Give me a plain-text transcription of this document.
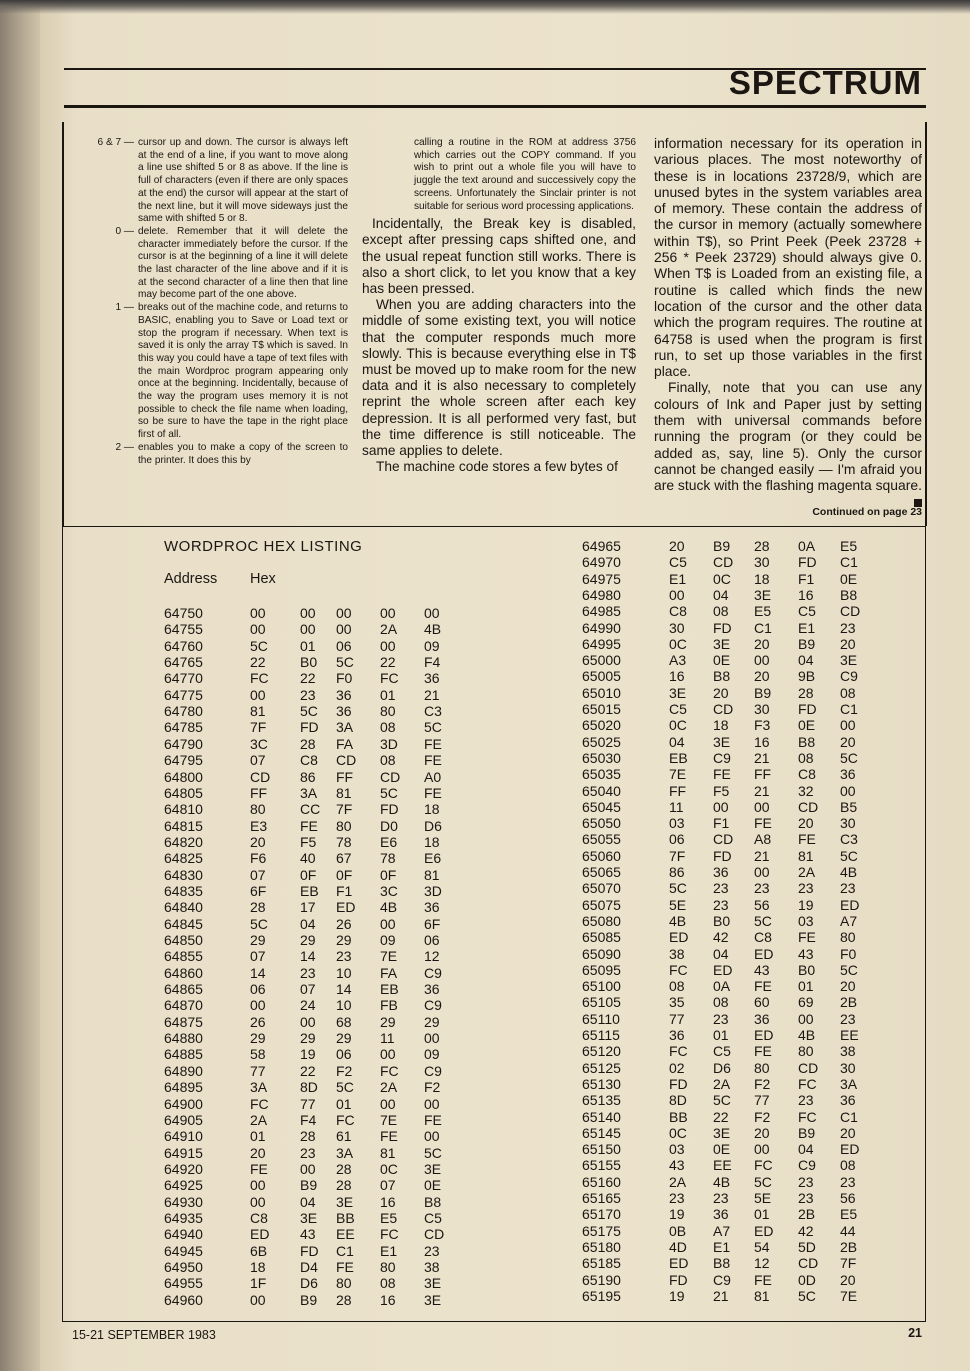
SPECTRUM
6 & 7 — cursor up and down. The cursor is always left at the end of a line, if you want to move along a line use shifted 5 or 8 as above. If the line is full of characters (even if there are only spaces at the end) the cursor will appear at the start of the next line, but it will move sideways just the same with shifted 5 or 8.
0 — delete. Remember that it will delete the character immediately before the cursor. If the cursor is at the beginning of a line it will delete the last character of the line above and if it is at the second character of a line then that line may become part of the one above.
1 — breaks out of the machine code, and returns to BASIC, enabling you to Save or Load text or stop the program if necessary. When text is saved it is only the array T$ which is saved. In this way you could have a tape of text files with the main Wordproc program appearing only once at the beginning. Incidentally, because of the way the program uses memory it is not possible to check the file name when loading, so be sure to have the tape in the right place first of all.
2 — enables you to make a copy of the screen to the printer. It does this by
calling a routine in the ROM at address 3756 which carries out the COPY command. If you wish to print out a whole file you will have to juggle the text around and successively copy the screens. Unfortunately the Sinclair printer is not suitable for serious word processing applications.
Incidentally, the Break key is disabled, except after pressing caps shifted one, and the usual repeat function still works. There is also a short click, to let you know that a key has been pressed.
When you are adding characters into the middle of some existing text, you will notice that the computer responds much more slowly. This is because everything else in T$ must be moved up to make room for the new data and it is also necessary to completely reprint the whole screen after each key depression. It is all performed very fast, but the time difference is still noticeable. The same applies to delete.
The machine code stores a few bytes of
information necessary for its operation in various places. The most noteworthy of these is in locations 23728/9, which are unused bytes in the system variables area of memory. These contain the address of the cursor in memory (actually somewhere within T$), so Print Peek (Peek 23728 + 256 * Peek 23729) should always give 0. When T$ is Loaded from an existing file, a routine is called which finds the new location of the cursor and the other data which the program requires. The routine at 64758 is used when the program is first run, to set up those variables in the first place.
Finally, note that you can use any colours of Ink and Paper just by setting them with universal commands before running the program (or they could be added as, say, line 5). Only the cursor cannot be changed easily — I'm afraid you are stuck with the flashing magenta square.
Continued on page 23
WORDPROC HEX LISTING
Address Hex
64750	00 00 00 00 00
64755	00 00 00 2A 4B
64760	5C 01 06 00 09
64765	22 B0 5C 22 F4
64770	FC 22 F0 FC 36
64775	00 23 36 01 21
64780	81 5C 36 80 C3
64785	7F FD 3A 08 5C
64790	3C 28 FA 3D FE
64795	07 C8 CD 08 FE
64800	CD 86 FF CD A0
64805	FF 3A 81 5C FE
64810	80 CC 7F FD 18
64815	E3 FE 80 D0 D6
64820	20 F5 78 E6 18
64825	F6 40 67 78 E6
64830	07 0F 0F 0F 81
64835	6F EB F1 3C 3D
64840	28 17 ED 4B 36
64845	5C 04 26 00 6F
64850	29 29 29 09 06
64855	07 14 23 7E 12
64860	14 23 10 FA C9
64865	06 07 14 EB 36
64870	00 24 10 FB C9
64875	26 00 68 29 29
64880	29 29 29 11 00
64885	58 19 06 00 09
64890	77 22 F2 FC C9
64895	3A 8D 5C 2A F2
64900	FC 77 01 00 00
64905	2A F4 FC 7E FE
64910	01 28 61 FE 00
64915	20 23 3A 81 5C
64920	FE 00 28 0C 3E
64925	00 B9 28 07 0E
64930	00 04 3E 16 B8
64935	C8 3E BB E5 C5
64940	ED 43 EE FC CD
64945	6B FD C1 E1 23
64950	18 D4 FE 80 38
64955	1F D6 80 08 3E
64960	00 B9 28 16 3E
64965	20 B9 28 0A E5
64970	C5 CD 30 FD C1
64975	E1 0C 18 F1 0E
64980	00 04 3E 16 B8
64985	C8 08 E5 C5 CD
64990	30 FD C1 E1 23
64995	0C 3E 20 B9 20
65000	A3 0E 00 04 3E
65005	16 B8 20 9B C9
65010	3E 20 B9 28 08
65015	C5 CD 30 FD C1
65020	0C 18 F3 0E 00
65025	04 3E 16 B8 20
65030	EB C9 21 08 5C
65035	7E FE FF C8 36
65040	FF F5 21 32 00
65045	11 00 00 CD B5
65050	03 F1 FE 20 30
65055	06 CD A8 FE C3
65060	7F FD 21 81 5C
65065	86 36 00 2A 4B
65070	5C 23 23 23 23
65075	5E 23 56 19 ED
65080	4B B0 5C 03 A7
65085	ED 42 C8 FE 80
65090	38 04 ED 43 F0
65095	FC ED 43 B0 5C
65100	08 0A FE 01 20
65105	35 08 60 69 2B
65110	77 23 36 00 23
65115	36 01 ED 4B EE
65120	FC C5 FE 80 38
65125	02 D6 80 CD 30
65130	FD 2A F2 FC 3A
65135	8D 5C 77 23 36
65140	BB 22 F2 FC C1
65145	0C 3E 20 B9 20
65150	03 0E 00 04 ED
65155	43 EE FC C9 08
65160	2A 4B 5C 23 23
65165	23 23 5E 23 56
65170	19 36 01 2B E5
65175	0B A7 ED 42 44
65180	4D E1 54 5D 2B
65185	ED B8 12 CD 7F
65190	FD C9 FE 0D 20
65195	19 21 81 5C 7E
15-21 SEPTEMBER 1983	21
